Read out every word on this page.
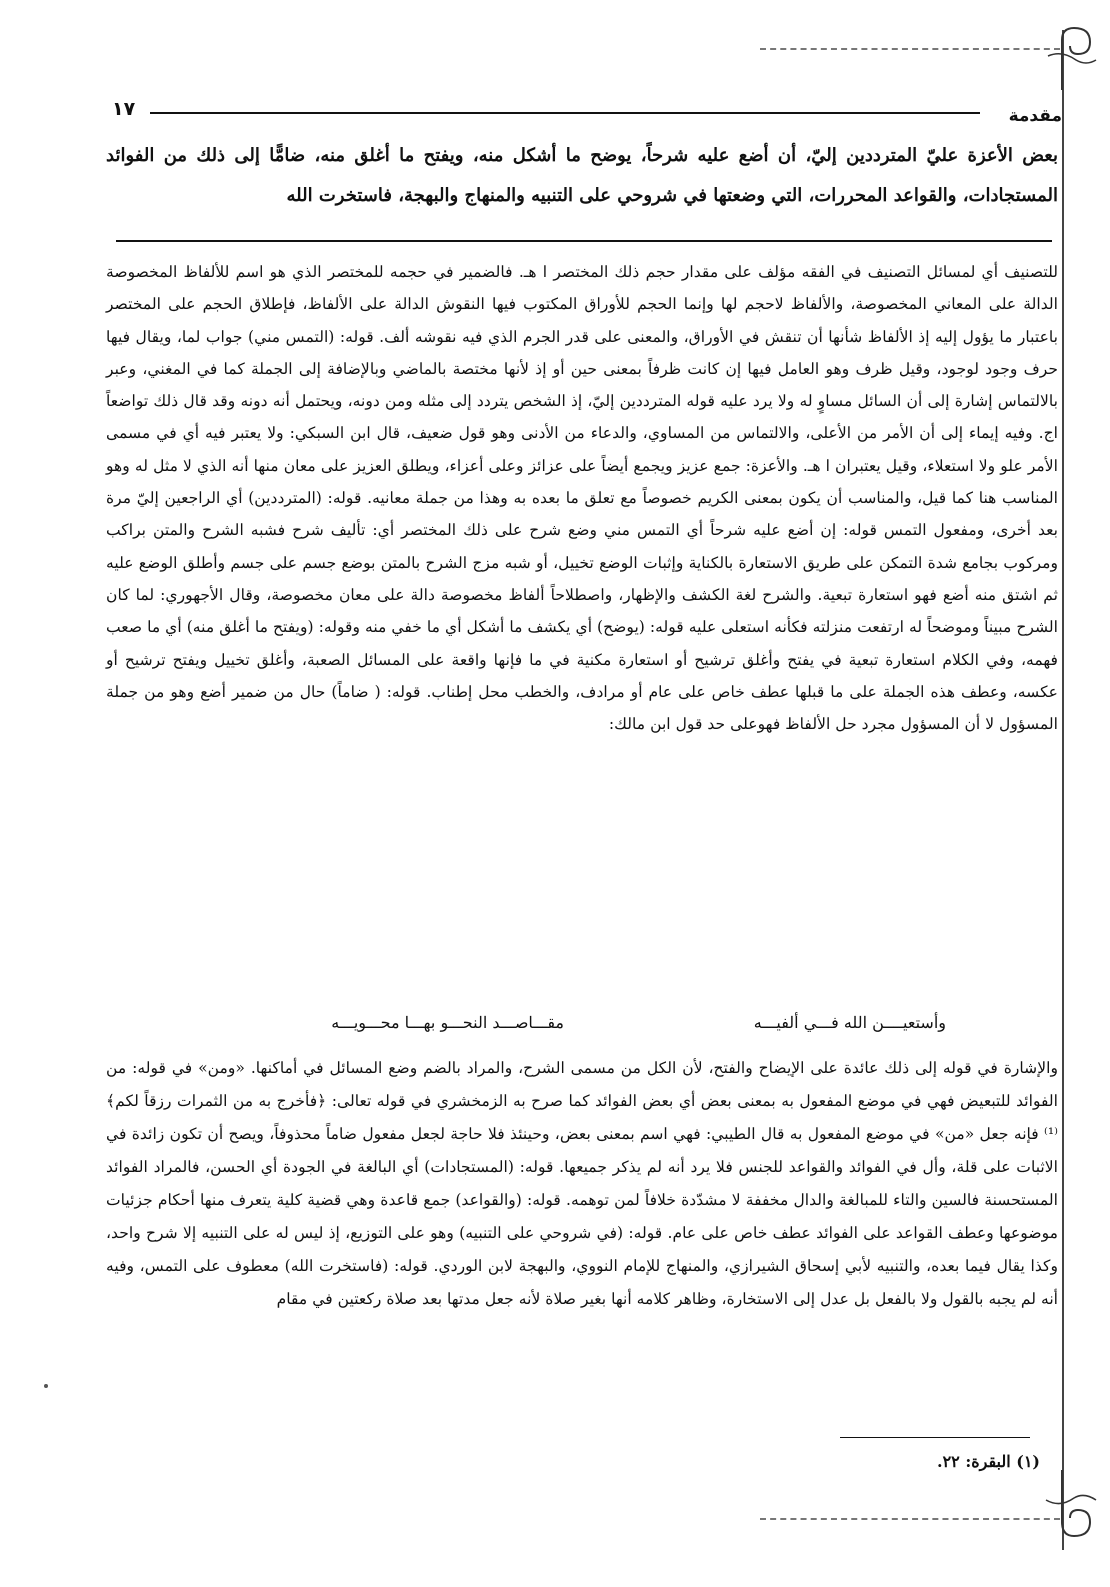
مقدمة
١٧
بعض الأعزة عليّ المترددين إليّ، أن أضع عليه شرحاً، يوضح ما أشكل منه، ويفتح ما أغلق منه، ضامًّا إلى ذلك من الفوائد المستجادات، والقواعد المحررات، التي وضعتها في شروحي على التنبيه والمنهاج والبهجة، فاستخرت الله

للتصنيف أي لمسائل التصنيف في الفقه مؤلف على مقدار حجم ذلك المختصر ا هـ. فالضمير في حجمه للمختصر الذي هو اسم للألفاظ المخصوصة الدالة على المعاني المخصوصة، والألفاظ لاحجم لها وإنما الحجم للأوراق المكتوب فيها النقوش الدالة على الألفاظ، فإطلاق الحجم على المختصر باعتبار ما يؤول إليه إذ الألفاظ شأنها أن تنقش في الأوراق، والمعنى على قدر الجرم الذي فيه نقوشه ألف. قوله: (التمس مني) جواب لما، ويقال فيها حرف وجود لوجود، وقيل ظرف وهو العامل فيها إن كانت ظرفاً بمعنى حين أو إذ لأنها مختصة بالماضي وبالإضافة إلى الجملة كما في المغني، وعبر بالالتماس إشارة إلى أن السائل مساوٍ له ولا يرد عليه قوله المترددين إليّ، إذ الشخص يتردد إلى مثله ومن دونه، ويحتمل أنه دونه وقد قال ذلك تواضعاً اج. وفيه إيماء إلى أن الأمر من الأعلى، والالتماس من المساوي، والدعاء من الأدنى وهو قول ضعيف، قال ابن السبكي: ولا يعتبر فيه أي في مسمى الأمر علو ولا استعلاء، وقيل يعتبران ا هـ. والأعزة: جمع عزيز ويجمع أيضاً على عزائز وعلى أعزاء، ويطلق العزيز على معان منها أنه الذي لا مثل له وهو المناسب هنا كما قيل، والمناسب أن يكون بمعنى الكريم خصوصاً مع تعلق ما بعده به وهذا من جملة معانيه. قوله: (المترددين) أي الراجعين إليّ مرة بعد أخرى، ومفعول التمس قوله: إن أضع عليه شرحاً أي التمس مني وضع شرح على ذلك المختصر أي: تأليف شرح فشبه الشرح والمتن براكب ومركوب بجامع شدة التمكن على طريق الاستعارة بالكناية وإثبات الوضع تخييل، أو شبه مزج الشرح بالمتن بوضع جسم على جسم وأطلق الوضع عليه ثم اشتق منه أضع فهو استعارة تبعية. والشرح لغة الكشف والإظهار، واصطلاحاً ألفاظ مخصوصة دالة على معان مخصوصة، وقال الأجهوري: لما كان الشرح مبيناً وموضحاً له ارتفعت منزلته فكأنه استعلى عليه قوله: (يوضح) أي يكشف ما أشكل أي ما خفي منه وقوله: (ويفتح ما أغلق منه) أي ما صعب فهمه، وفي الكلام استعارة تبعية في يفتح وأغلق ترشيح أو استعارة مكنية في ما فإنها واقعة على المسائل الصعبة، وأغلق تخييل ويفتح ترشيح أو عكسه، وعطف هذه الجملة على ما قبلها عطف خاص على عام أو مرادف، والخطب محل إطناب. قوله: ( ضاماً) حال من ضمير أضع وهو من جملة المسؤول لا أن المسؤول مجرد حل الألفاظ فهوعلى حد قول ابن مالك:

وأستعيــــن الله فـــي ألفيـــه
مقـــاصـــد النحـــو بهـــا محـــويـــه

والإشارة في قوله إلى ذلك عائدة على الإيضاح والفتح، لأن الكل من مسمى الشرح، والمراد بالضم وضع المسائل في أماكنها. «ومن» في قوله: من الفوائد للتبعيض فهي في موضع المفعول به بمعنى بعض أي بعض الفوائد كما صرح به الزمخشري في قوله تعالى: ﴿فأخرج به من الثمرات رزقاً لكم﴾⁽¹⁾ فإنه جعل «من» في موضع المفعول به قال الطيبي: فهي اسم بمعنى بعض، وحينئذ فلا حاجة لجعل مفعول ضاماً محذوفاً، ويصح أن تكون زائدة في الاثبات على قلة، وأل في الفوائد والقواعد للجنس فلا يرد أنه لم يذكر جميعها. قوله: (المستجادات) أي البالغة في الجودة أي الحسن، فالمراد الفوائد المستحسنة فالسين والتاء للمبالغة والدال مخففة لا مشدّدة خلافاً لمن توهمه. قوله: (والقواعد) جمع قاعدة وهي قضية كلية يتعرف منها أحكام جزئيات موضوعها وعطف القواعد على الفوائد عطف خاص على عام. قوله: (في شروحي على التنبيه) وهو على التوزيع، إذ ليس له على التنبيه إلا شرح واحد، وكذا يقال فيما بعده، والتنبيه لأبي إسحاق الشيرازي، والمنهاج للإمام النووي، والبهجة لابن الوردي. قوله: (فاستخرت الله) معطوف على التمس، وفيه أنه لم يجبه بالقول ولا بالفعل بل عدل إلى الاستخارة، وظاهر كلامه أنها بغير صلاة لأنه جعل مدتها بعد صلاة ركعتين في مقام

(١) البقرة: ٢٢.
